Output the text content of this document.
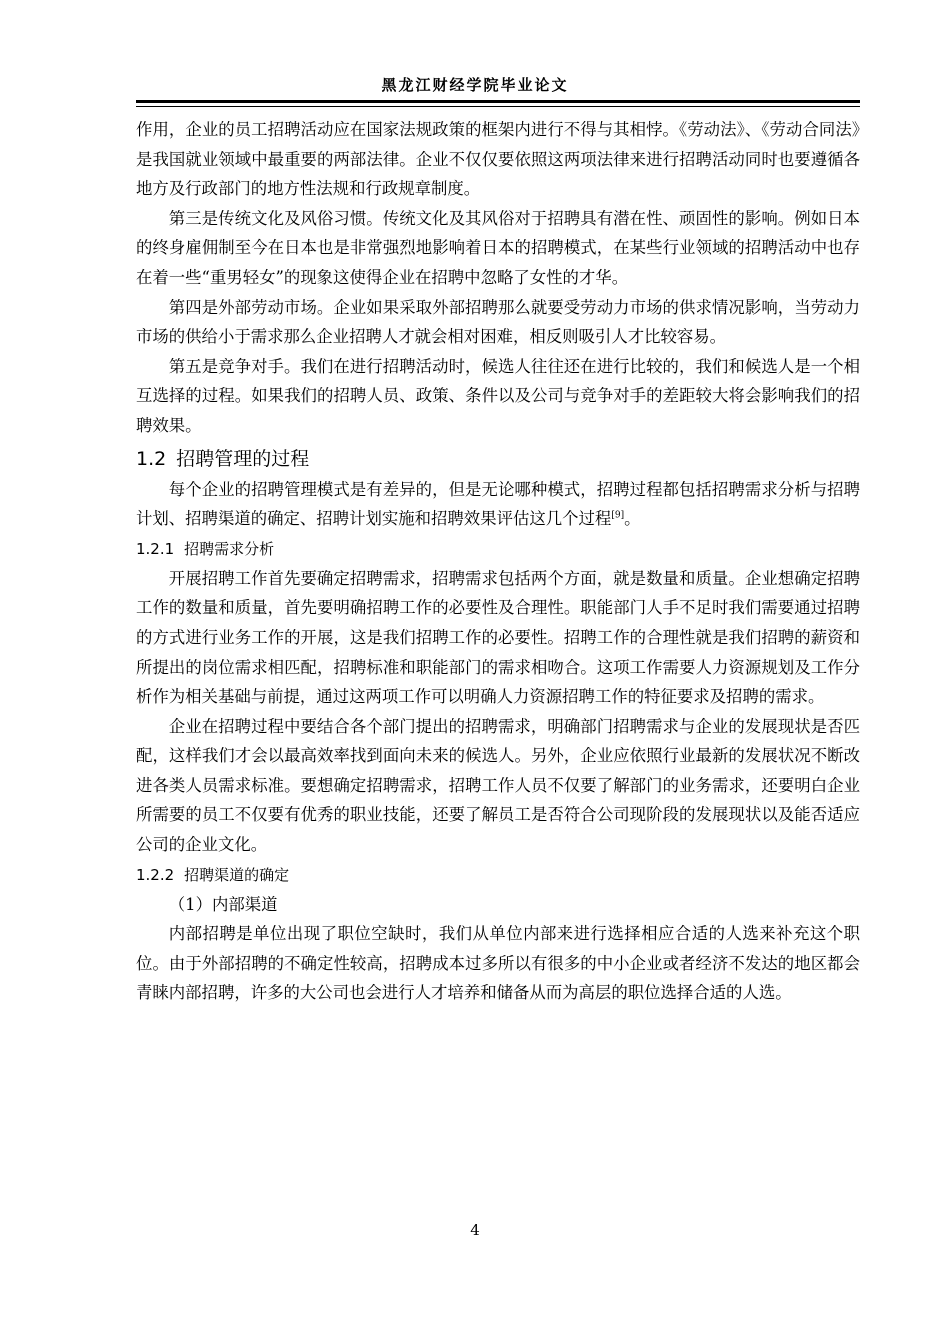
黑龙江财经学院毕业论文

作用，企业的员工招聘活动应在国家法规政策的框架内进行不得与其相悖。《劳动法》、《劳动合同法》是我国就业领域中最重要的两部法律。企业不仅仅要依照这两项法律来进行招聘活动同时也要遵循各地方及行政部门的地方性法规和行政规章制度。

第三是传统文化及风俗习惯。传统文化及其风俗对于招聘具有潜在性、顽固性的影响。例如日本的终身雇佣制至今在日本也是非常强烈地影响着日本的招聘模式，在某些行业领域的招聘活动中也存在着一些“重男轻女”的现象这使得企业在招聘中忽略了女性的才华。

第四是外部劳动市场。企业如果采取外部招聘那么就要受劳动力市场的供求情况影响，当劳动力市场的供给小于需求那么企业招聘人才就会相对困难，相反则吸引人才比较容易。

第五是竞争对手。我们在进行招聘活动时，候选人往往还在进行比较的，我们和候选人是一个相互选择的过程。如果我们的招聘人员、政策、条件以及公司与竞争对手的差距较大将会影响我们的招聘效果。

1.2 招聘管理的过程

每个企业的招聘管理模式是有差异的，但是无论哪种模式，招聘过程都包括招聘需求分析与招聘计划、招聘渠道的确定、招聘计划实施和招聘效果评估这几个过程[9]。

1.2.1 招聘需求分析

开展招聘工作首先要确定招聘需求，招聘需求包括两个方面，就是数量和质量。企业想确定招聘工作的数量和质量，首先要明确招聘工作的必要性及合理性。职能部门人手不足时我们需要通过招聘的方式进行业务工作的开展，这是我们招聘工作的必要性。招聘工作的合理性就是我们招聘的薪资和所提出的岗位需求相匹配，招聘标准和职能部门的需求相吻合。这项工作需要人力资源规划及工作分析作为相关基础与前提，通过这两项工作可以明确人力资源招聘工作的特征要求及招聘的需求。

企业在招聘过程中要结合各个部门提出的招聘需求，明确部门招聘需求与企业的发展现状是否匹配，这样我们才会以最高效率找到面向未来的候选人。另外，企业应依照行业最新的发展状况不断改进各类人员需求标准。要想确定招聘需求，招聘工作人员不仅要了解部门的业务需求，还要明白企业所需要的员工不仅要有优秀的职业技能，还要了解员工是否符合公司现阶段的发展现状以及能否适应公司的企业文化。

1.2.2 招聘渠道的确定

（1）内部渠道

内部招聘是单位出现了职位空缺时，我们从单位内部来进行选择相应合适的人选来补充这个职位。由于外部招聘的不确定性较高，招聘成本过多所以有很多的中小企业或者经济不发达的地区都会青睐内部招聘，许多的大公司也会进行人才培养和储备从而为高层的职位选择合适的人选。

4
